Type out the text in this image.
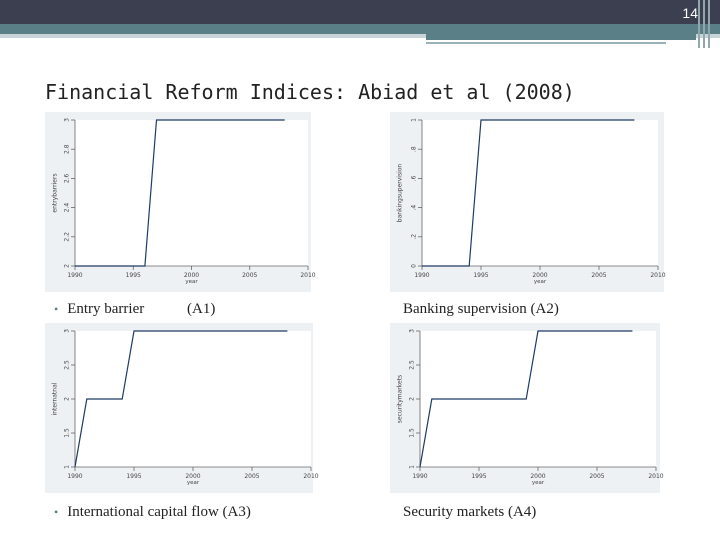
14
Financial Reform Indices: Abiad et al (2008)
2
2.2
2.4
2.6
2.8
3
1990	1995	2000	2005	2010
year
entrybarriers
0
.2
.4
.6
.8
1
1990	1995	2000	2005	2010
year
bankingsupervision
1
1.5
2
2.5
3
1990	1995	2000	2005	2010
year
internatnal
1
1.5
2
2.5
3
1990	1995	2000	2005	2010
year
securitymarkets
• Entry barrier	(A1)	Banking supervision (A2)
• International capital flow (A3)	Security markets (A4)
